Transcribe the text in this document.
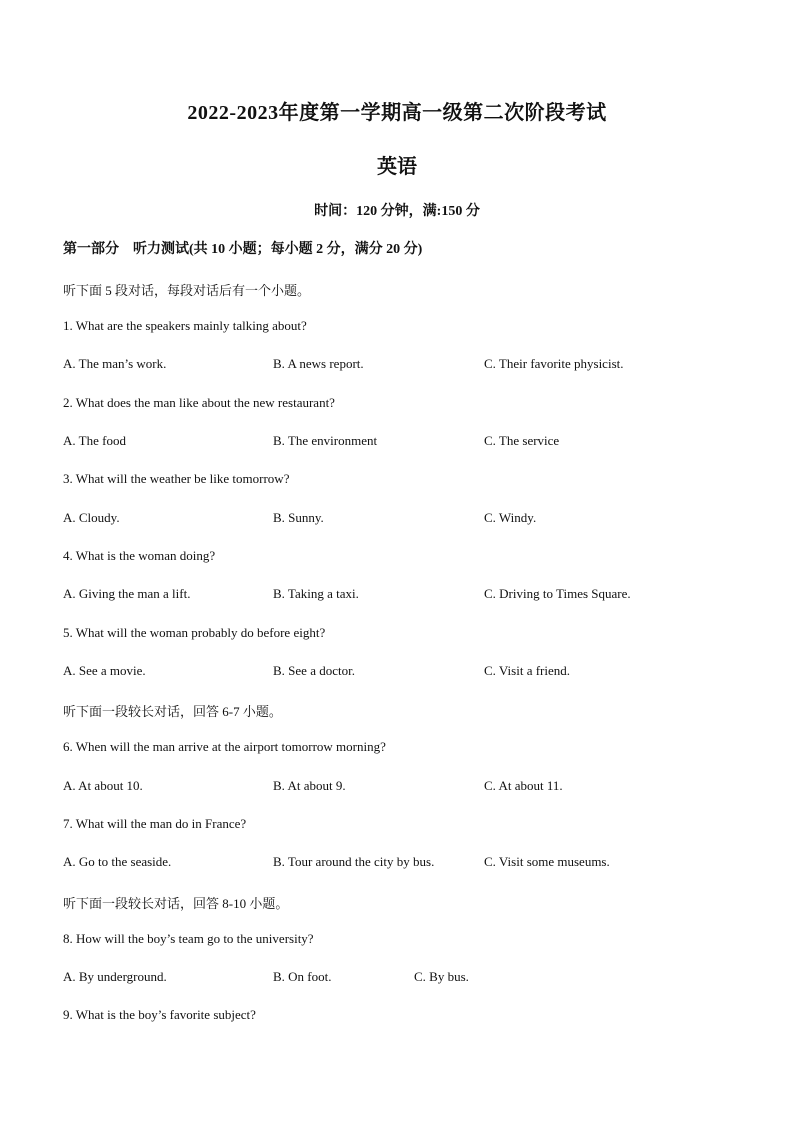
2022-2023年度第一学期高一级第二次阶段考试
英语
时间：120 分钟，满:150 分
第一部分    听力测试(共 10 小题；每小题 2 分，满分 20 分)
听下面 5 段对话，每段对话后有一个小题。
1. What are the speakers mainly talking about?
A. The man’s work.	B. A news report.	C. Their favorite physicist.
2. What does the man like about the new restaurant?
A. The food	B. The environment	C. The service
3. What will the weather be like tomorrow?
A. Cloudy.	B. Sunny.	C. Windy.
4. What is the woman doing?
A. Giving the man a lift.	B. Taking a taxi.	C. Driving to Times Square.
5. What will the woman probably do before eight?
A. See a movie.	B. See a doctor.	C. Visit a friend.
听下面一段较长对话，回答 6-7 小题。
6. When will the man arrive at the airport tomorrow morning?
A. At about 10.	B. At about 9.	C. At about 11.
7. What will the man do in France?
A. Go to the seaside.	B. Tour around the city by bus.	C. Visit some museums.
听下面一段较长对话，回答 8-10 小题。
8. How will the boy’s team go to the university?
A. By underground.	B. On foot.	C. By bus.
9. What is the boy’s favorite subject?
